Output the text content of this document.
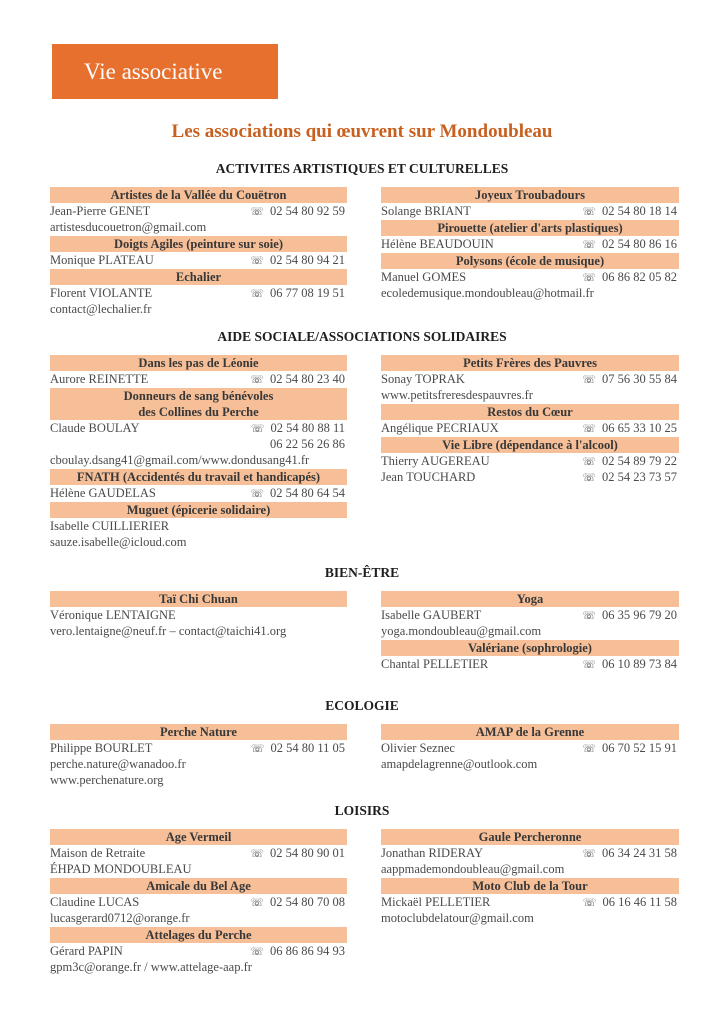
Vie associative
Les associations qui œuvrent sur Mondoubleau
ACTIVITES ARTISTIQUES ET CULTURELLES
Artistes de la Vallée du Couëtron
Jean-Pierre GENET	☏ 02 54 80 92 59
artistesducouetron@gmail.com
Doigts Agiles (peinture sur soie)
Monique PLATEAU	☏ 02 54 80 94 21
Echalier
Florent VIOLANTE	☏ 06 77 08 19 51
contact@lechalier.fr
Joyeux Troubadours
Solange BRIANT	☏ 02 54 80 18 14
Pirouette (atelier d'arts plastiques)
Hélène BEAUDOUIN	☏ 02 54 80 86 16
Polysons (école de musique)
Manuel GOMES	☏ 06 86 82 05 82
ecoledemusique.mondoubleau@hotmail.fr
AIDE SOCIALE/ASSOCIATIONS SOLIDAIRES
Dans les pas de Léonie
Aurore REINETTE	☏ 02 54 80 23 40
Donneurs de sang bénévoles
des Collines du Perche
Claude BOULAY	☏ 02 54 80 88 11
06 22 56 26 86
cboulay.dsang41@gmail.com/www.dondusang41.fr
FNATH (Accidentés du travail et handicapés)
Hélène GAUDELAS	☏ 02 54 80 64 54
Muguet (épicerie solidaire)
Isabelle CUILLIERIER
sauze.isabelle@icloud.com
Petits Frères des Pauvres
Sonay TOPRAK	☏ 07 56 30 55 84
www.petitsfreresdespauvres.fr
Restos du Cœur
Angélique PECRIAUX	☏ 06 65 33 10 25
Vie Libre (dépendance à l'alcool)
Thierry AUGEREAU	☏ 02 54 89 79 22
Jean TOUCHARD	☏ 02 54 23 73 57
BIEN-ÊTRE
Taï Chi Chuan
Véronique LENTAIGNE
vero.lentaigne@neuf.fr – contact@taichi41.org
Yoga
Isabelle GAUBERT	☏ 06 35 96 79 20
yoga.mondoubleau@gmail.com
Valériane (sophrologie)
Chantal PELLETIER	☏ 06 10 89 73 84
ECOLOGIE
Perche Nature
Philippe BOURLET	☏ 02 54 80 11 05
perche.nature@wanadoo.fr
www.perchenature.org
AMAP de la Grenne
Olivier Seznec	☏ 06 70 52 15 91
amapdelagrenne@outlook.com
LOISIRS
Age Vermeil
Maison de Retraite	☏ 02 54 80 90 01
ÉHPAD MONDOUBLEAU
Amicale du Bel Age
Claudine LUCAS	☏ 02 54 80 70 08
lucasgerard0712@orange.fr
Attelages du Perche
Gérard PAPIN	☏ 06 86 86 94 93
gpm3c@orange.fr / www.attelage-aap.fr
Gaule Percheronne
Jonathan RIDERAY	☏ 06 34 24 31 58
aappmademondoubleau@gmail.com
Moto Club de la Tour
Mickaël PELLETIER	☏ 06 16 46 11 58
motoclubdelatour@gmail.com
